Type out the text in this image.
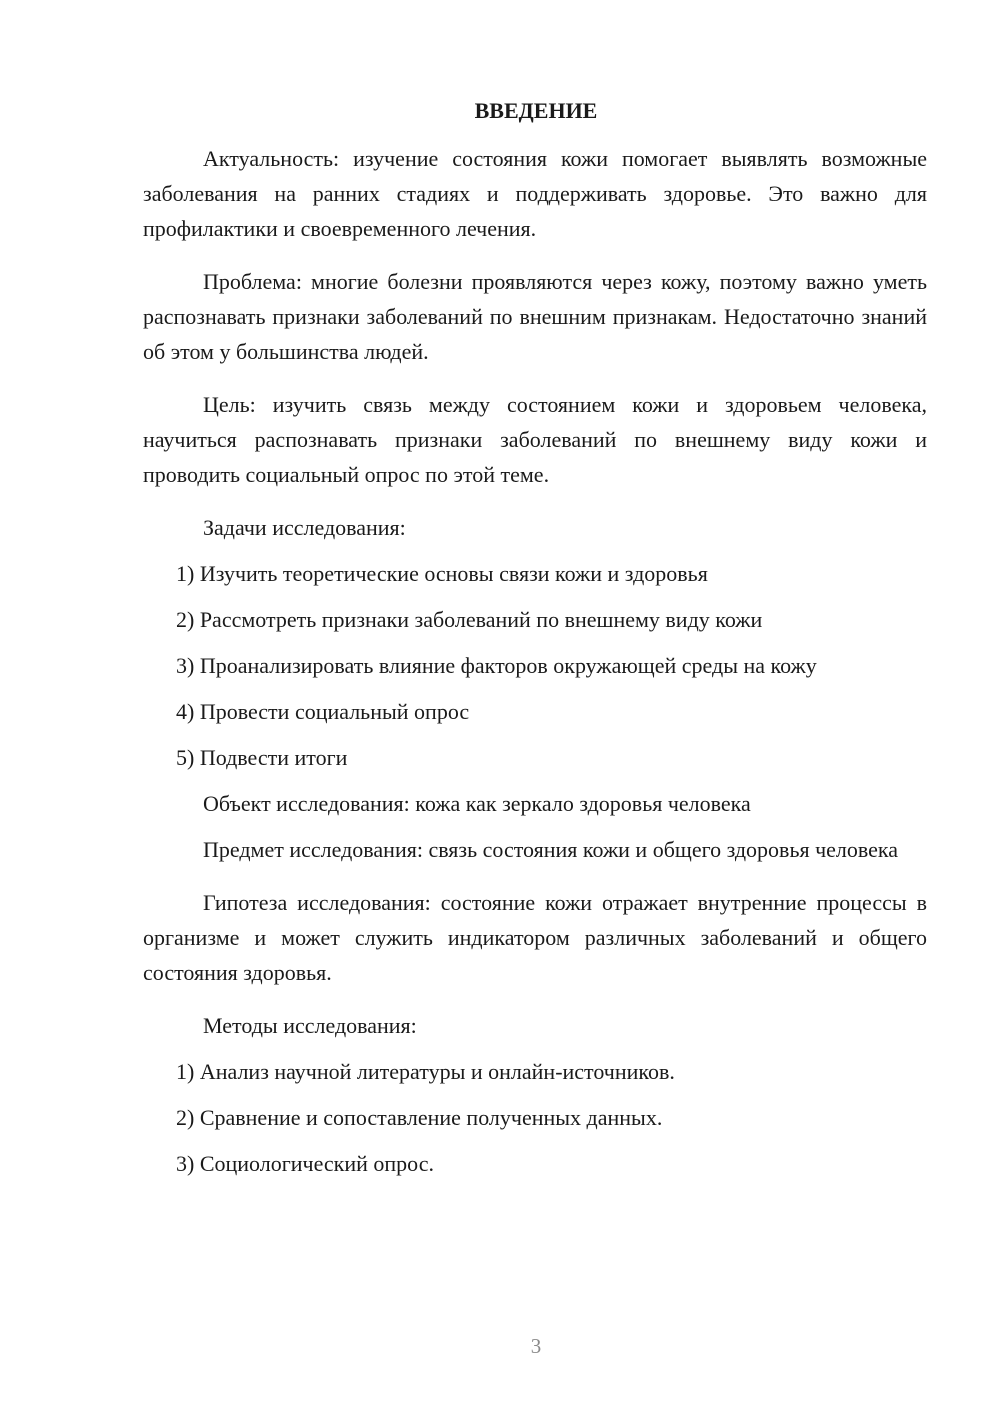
ВВЕДЕНИЕ
Актуальность: изучение состояния кожи помогает выявлять возможные заболевания на ранних стадиях и поддерживать здоровье. Это важно для профилактики и своевременного лечения.
Проблема: многие болезни проявляются через кожу, поэтому важно уметь распознавать признаки заболеваний по внешним признакам. Недостаточно знаний об этом у большинства людей.
Цель: изучить связь между состоянием кожи и здоровьем человека, научиться распознавать признаки заболеваний по внешнему виду кожи и проводить социальный опрос по этой теме.
Задачи исследования:
1) Изучить теоретические основы связи кожи и здоровья
2) Рассмотреть признаки заболеваний по внешнему виду кожи
3) Проанализировать влияние факторов окружающей среды на кожу
4) Провести социальный опрос
5) Подвести итоги
Объект исследования: кожа как зеркало здоровья человека
Предмет исследования: связь состояния кожи и общего здоровья человека
Гипотеза исследования: состояние кожи отражает внутренние процессы в организме и может служить индикатором различных заболеваний и общего состояния здоровья.
Методы исследования:
1) Анализ научной литературы и онлайн-источников.
2) Сравнение и сопоставление полученных данных.
3) Социологический опрос.
3
